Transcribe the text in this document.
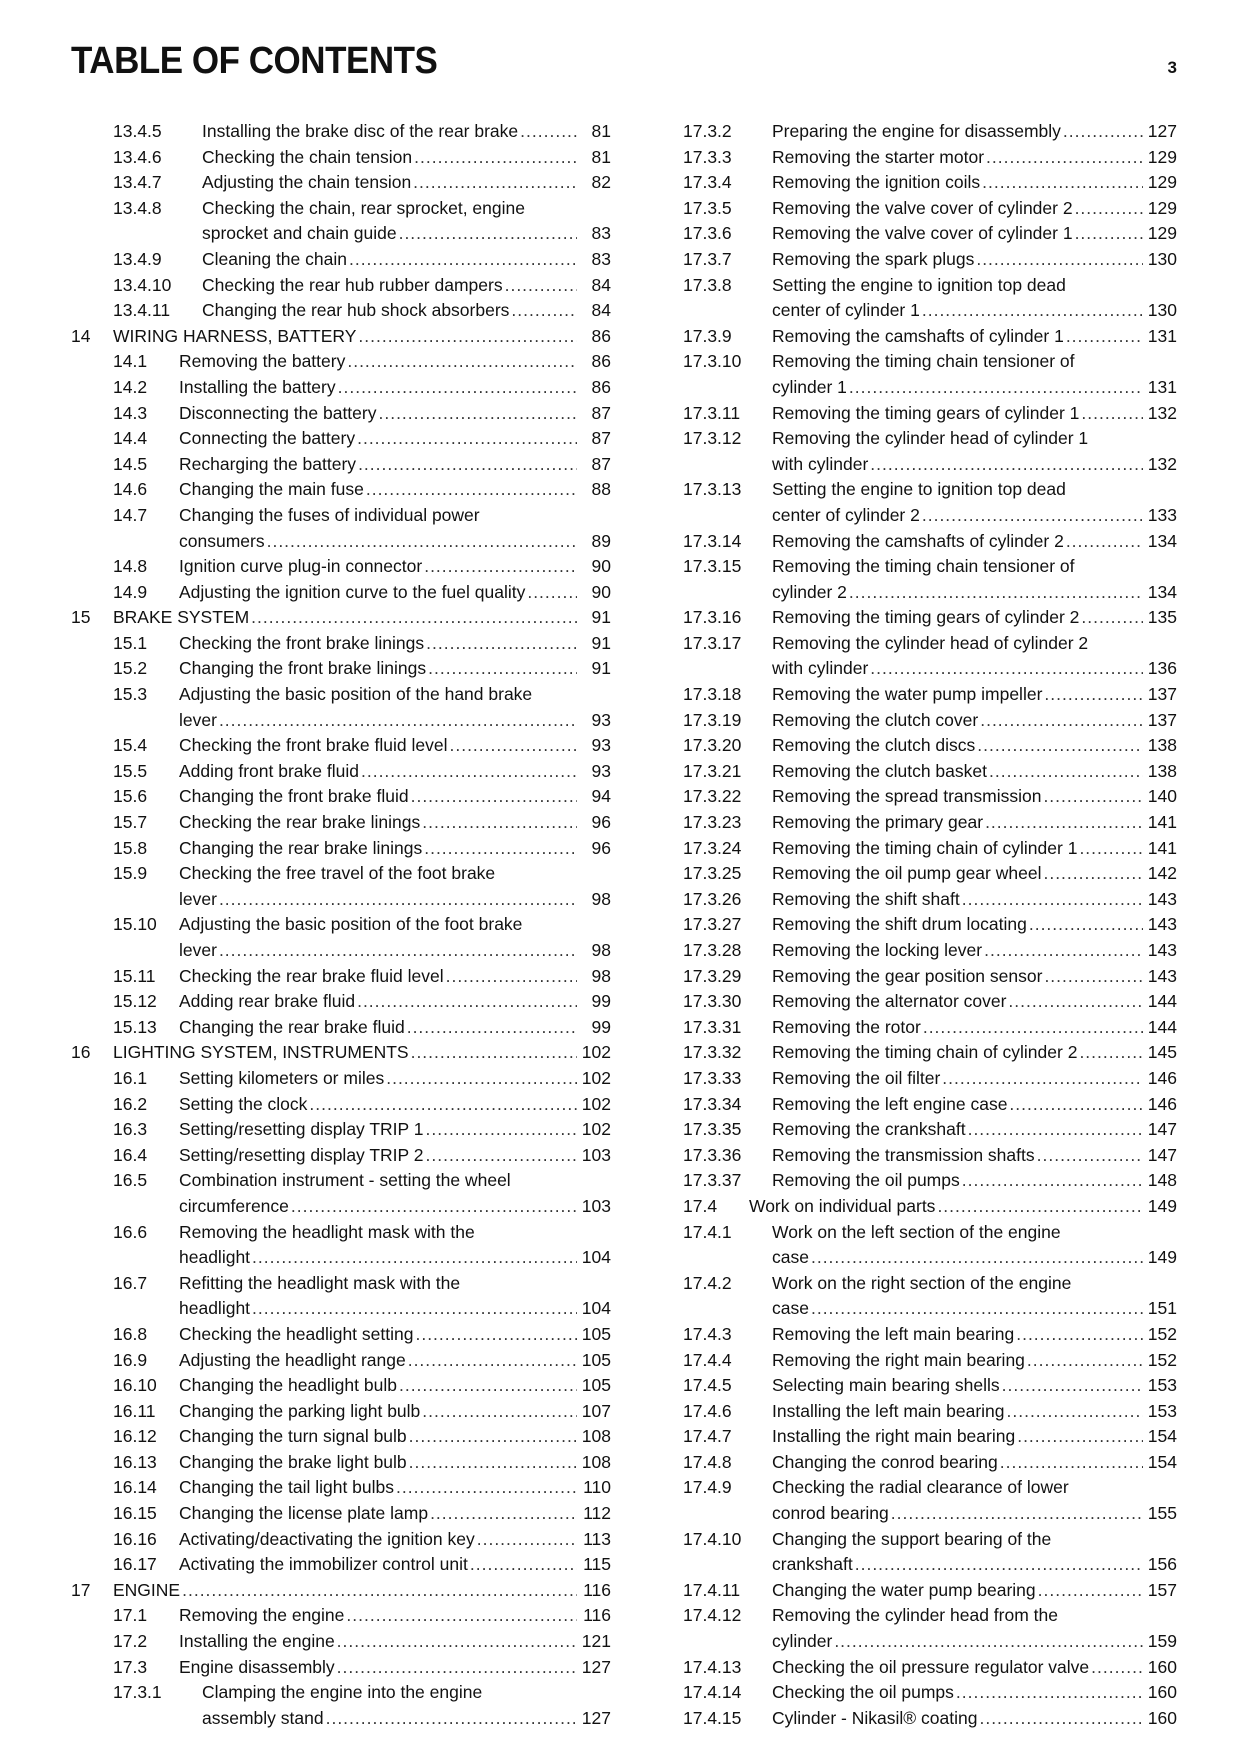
TABLE OF CONTENTS	3
13.4.5 Installing the brake disc of the rear brake .....	81
13.4.6 Checking the chain tension .....	81
13.4.7 Adjusting the chain tension .....	82
13.4.8 Checking the chain, rear sprocket, engine
sprocket and chain guide .....	83
13.4.9 Cleaning the chain .....	83
13.4.10 Checking the rear hub rubber dampers .....	84
13.4.11 Changing the rear hub shock absorbers .....	84
14 WIRING HARNESS, BATTERY .....	86
14.1 Removing the battery .....	86
14.2 Installing the battery .....	86
14.3 Disconnecting the battery .....	87
14.4 Connecting the battery .....	87
14.5 Recharging the battery .....	87
14.6 Changing the main fuse .....	88
14.7 Changing the fuses of individual power
consumers .....	89
14.8 Ignition curve plug-in connector .....	90
14.9 Adjusting the ignition curve to the fuel quality .....	90
15 BRAKE SYSTEM .....	91
15.1 Checking the front brake linings .....	91
15.2 Changing the front brake linings .....	91
15.3 Adjusting the basic position of the hand brake
lever .....	93
15.4 Checking the front brake fluid level .....	93
15.5 Adding front brake fluid .....	93
15.6 Changing the front brake fluid .....	94
15.7 Checking the rear brake linings .....	96
15.8 Changing the rear brake linings .....	96
15.9 Checking the free travel of the foot brake
lever .....	98
15.10 Adjusting the basic position of the foot brake
lever .....	98
15.11 Checking the rear brake fluid level .....	98
15.12 Adding rear brake fluid .....	99
15.13 Changing the rear brake fluid .....	99
16 LIGHTING SYSTEM, INSTRUMENTS .....	102
16.1 Setting kilometers or miles .....	102
16.2 Setting the clock .....	102
16.3 Setting/resetting display TRIP 1 .....	102
16.4 Setting/resetting display TRIP 2 .....	103
16.5 Combination instrument - setting the wheel
circumference .....	103
16.6 Removing the headlight mask with the
headlight .....	104
16.7 Refitting the headlight mask with the
headlight .....	104
16.8 Checking the headlight setting .....	105
16.9 Adjusting the headlight range .....	105
16.10 Changing the headlight bulb .....	105
16.11 Changing the parking light bulb .....	107
16.12 Changing the turn signal bulb .....	108
16.13 Changing the brake light bulb .....	108
16.14 Changing the tail light bulbs .....	110
16.15 Changing the license plate lamp .....	112
16.16 Activating/deactivating the ignition key .....	113
16.17 Activating the immobilizer control unit .....	115
17 ENGINE .....	116
17.1 Removing the engine .....	116
17.2 Installing the engine .....	121
17.3 Engine disassembly .....	127
17.3.1 Clamping the engine into the engine
assembly stand .....	127
17.3.2 Preparing the engine for disassembly .....	127
17.3.3 Removing the starter motor .....	129
17.3.4 Removing the ignition coils .....	129
17.3.5 Removing the valve cover of cylinder 2 .....	129
17.3.6 Removing the valve cover of cylinder 1 .....	129
17.3.7 Removing the spark plugs .....	130
17.3.8 Setting the engine to ignition top dead
center of cylinder 1 .....	130
17.3.9 Removing the camshafts of cylinder 1 .....	131
17.3.10 Removing the timing chain tensioner of
cylinder 1 .....	131
17.3.11 Removing the timing gears of cylinder 1 .....	132
17.3.12 Removing the cylinder head of cylinder 1
with cylinder .....	132
17.3.13 Setting the engine to ignition top dead
center of cylinder 2 .....	133
17.3.14 Removing the camshafts of cylinder 2 .....	134
17.3.15 Removing the timing chain tensioner of
cylinder 2 .....	134
17.3.16 Removing the timing gears of cylinder 2 .....	135
17.3.17 Removing the cylinder head of cylinder 2
with cylinder .....	136
17.3.18 Removing the water pump impeller .....	137
17.3.19 Removing the clutch cover .....	137
17.3.20 Removing the clutch discs .....	138
17.3.21 Removing the clutch basket .....	138
17.3.22 Removing the spread transmission .....	140
17.3.23 Removing the primary gear .....	141
17.3.24 Removing the timing chain of cylinder 1 .....	141
17.3.25 Removing the oil pump gear wheel .....	142
17.3.26 Removing the shift shaft .....	143
17.3.27 Removing the shift drum locating .....	143
17.3.28 Removing the locking lever .....	143
17.3.29 Removing the gear position sensor .....	143
17.3.30 Removing the alternator cover .....	144
17.3.31 Removing the rotor .....	144
17.3.32 Removing the timing chain of cylinder 2 .....	145
17.3.33 Removing the oil filter .....	146
17.3.34 Removing the left engine case .....	146
17.3.35 Removing the crankshaft .....	147
17.3.36 Removing the transmission shafts .....	147
17.3.37 Removing the oil pumps .....	148
17.4 Work on individual parts .....	149
17.4.1 Work on the left section of the engine
case .....	149
17.4.2 Work on the right section of the engine
case .....	151
17.4.3 Removing the left main bearing .....	152
17.4.4 Removing the right main bearing .....	152
17.4.5 Selecting main bearing shells .....	153
17.4.6 Installing the left main bearing .....	153
17.4.7 Installing the right main bearing .....	154
17.4.8 Changing the conrod bearing .....	154
17.4.9 Checking the radial clearance of lower
conrod bearing .....	155
17.4.10 Changing the support bearing of the
crankshaft .....	156
17.4.11 Changing the water pump bearing .....	157
17.4.12 Removing the cylinder head from the
cylinder .....	159
17.4.13 Checking the oil pressure regulator valve .....	160
17.4.14 Checking the oil pumps .....	160
17.4.15 Cylinder - Nikasil® coating .....	160
